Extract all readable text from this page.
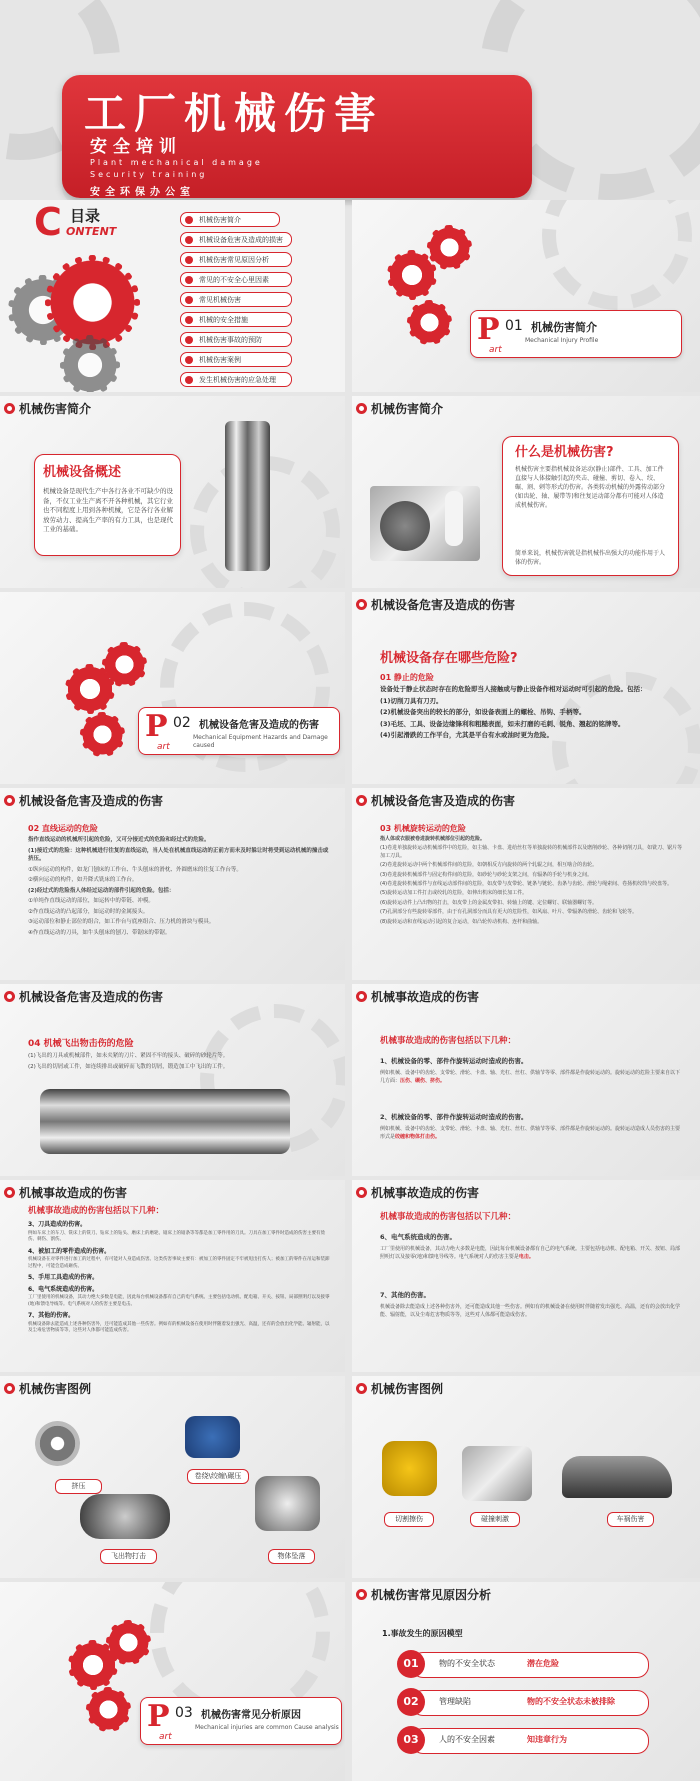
工厂机械伤害
安全培训
Plant mechanical damage
Security training
安全环保办公室
C 目录
ONTENT
机械伤害简介
机械设备危害及造成的损害
机械伤害常见原因分析
常见的不安全心里因素
常见机械伤害
机械的安全措施
机械伤害事故的预防
机械伤害案例
发生机械伤害的应急处理
P
art
01 机械伤害简介
Mechanical Injury Profile
机械伤害简介
机械设备概述
机械设备是现代生产中各行各业不可缺少的设备，不仅工业生产离不开各种机械，其它行业也不同程度上用到各种机械，它是各行各业解放劳动力、提高生产率的有力工具，也是现代工业的基础。
机械伤害简介
什么是机械伤害?
机械伤害主要指机械设备运动(静止)部件、工具、加工件直接与人体接触引起的夹击、碰撞、剪切、卷入、绞、碾、割、刺等形式的伤害。各类转动机械的外露传动部分(如齿轮、轴、履带等)和往复运动部分都有可能对人体造成机械伤害。
简单来说，机械伤害就是指机械作出强大的功能作用于人体的伤害。
P
art
02 机械设备危害及造成的伤害
Mechanical Equipment Hazards and Damage caused
机械设备危害及造成的伤害
机械设备存在哪些危险?
01 静止的危险

设备处于静止状态时存在的危险即当人接触或与静止设备作相对运动时可引起的危险。包括：

(1)切削刀具有刀刃。

(2)机械设备突出的较长的部分，如设备表面上的螺栓、吊钩、手柄等。

(3)毛坯、工具、设备边缘锋利和粗糙表面，如未打磨的毛刺、锐角、翘起的铭牌等。

(4)引起滑跌的工作平台，尤其是平台有水或油时更为危险。

机械设备危害及造成的伤害
02 直线运动的危险

指作直线运动的机械所引起的危险，又可分接近式的危险和经过式的危险。

(1)接近式的危险：这种机械进行往复的直线运动，当人处在机械直线运动的正前方而未及时躲让时将受到运动机械的撞击或挤压。

①纵向运动的构件，如龙门刨床的工作台、牛头刨床的滑枕、外圆磨床的往复工作台等。

②横向运动的构件，如升降式铣床的工作台。

(2)经过式的危险指人体经过运动的部件引起的危险。包括：

①单纯作直线运动的部位，如运转中的带链、冲模。

②作直线运动的凸起部分，如运动时的金属接头。

③运动部位和静止部位的组合，如工作台与底座组合、压力机的滑块与模具。

④作直线运动的刀具，如牛头刨床的刨刀、带锯床的带锯。

机械设备危害及造成的伤害
03 机械旋转运动的危险

指人体或衣服被卷进旋转机械部位引起的危险。

(1)卷进单独旋转运动机械部件中的危险，如主轴、卡盘、进给丝杠等单独旋转的机械部件以及磨削砂轮、各种切削刀具，如铣刀、锯片等加工刀具。

(2)卷进旋转运动中两个机械部件间的危险，如朝相反方向旋转的两个轧辊之间，相互啮合的齿轮。

(3)卷进旋转机械部件与固定构件间的危险，如砂轮与砂轮支架之间，有辐条的手轮与机身之间。

(4)卷进旋转机械部件与直线运动部件间的危险，如皮带与皮带轮、链条与链轮、齿条与齿轮、滑轮与绳索间、卷扬机绞筒与绞盘等。

(5)旋转运动加工件打击或绞轧的危险，如伸出机床的细长加工件。

(6)旋转运动件上凸出物的打击，如皮带上的金属皮带扣、转轴上的键、定位螺钉、联轴器螺钉等。

(7)孔洞部分有些旋转零部件，由于有孔洞部分而具有更大的危险性，如风扇、叶片、带辐条的滑轮、齿轮和飞轮等。

(8)旋转运动和直线运动引起的复合运动，如凸轮传动机构、连杆和曲轴。

机械设备危害及造成的伤害
04 机械飞出物击伤的危险

(1)飞出的刀具或机械部件，如未夹紧的刀片、紧固不牢的接头、破碎的砂轮片等。

(2)飞出的切屑或工件，如连续排出或破碎而飞散的切屑，锻造加工中飞出的工件。

机械事故造成的伤害
机械事故造成的伤害包括以下几种：
1、机械设备的零、部件作旋转运动时造成的伤害。
例如机械、设备中的齿轮、支带轮、滑轮、卡盘、轴、光杠、丝杠、供轴节等零、部件都是作旋转运动的。旋转运动的危险主要来自以下几方面：压伤、碾伤、挤伤。
2、机械设备的零、部件作旋转运动时造成的伤害。
例如机械、设备中的齿轮、支带轮、滑轮、卡盘、轴、光杠、丝杠、供轴节等零、部件都是作旋转运动的。旋转运动造成人员伤害的主要形式是绞缠和物体打击伤。
机械事故造成的伤害
机械事故造成的伤害包括以下几种：

3、刀具造成的伤害。

例如车床上的车刀、铣床上的铣刀、钻床上的钻头、磨床上的磨轮、锯床上的锯条等等都是加工零件用的刀具。刀具在加工零件时造成的伤害主要有烫伤、刺伤、割伤。

4、被加工的零件造成的伤害。

机械设备在对零件进行加工的过程中，有可能对人身造成伤害。这类伤害事故主要有：被加工的零件固定不牢被甩出打伤人；被加工的零件在吊运和装卸过程中，可能会造成砸伤。

5、手用工具造成的伤害。

6、电气系统造成的伤害。

工厂里使用的机械设备，其动力绝大多数是电能，因此每台机械设备都有自己的电气系统。主要包括电动机、配电箱、开关、按钮、局部照明灯以及接零(地)和馈电导线等。电气系统对人的伤害主要是电击。

7、其他的伤害。

机械设备除去能造成上述各种伤害外，还可能造成其他一些伤害。例如有的机械设备在使用时伴随着发出强光、高温，还有的会放出化学能、辐射能，以及尘毒危害物质等等，这些对人体都可能造成伤害。

机械事故造成的伤害
机械事故造成的伤害包括以下几种：
6、电气系统造成的伤害。
工厂里使用的机械设备，其动力绝大多数是电能，因此每台机械设备都有自己的电气系统。主要包括电动机、配电箱、开关、按钮、局部照明灯以及接零(地)和馈电导线等。电气系统对人的伤害主要是电击。
7、其他的伤害。
机械设备除去能造成上述各种伤害外，还可能造成其他一些伤害。例如有的机械设备在使用时伴随着发出强光、高温，还有的会放出化学能、辐射能，以及尘毒危害物质等等，这些对人体都可能造成伤害。
机械伤害图例
挤压
卷绕\绞缠\碾压
飞出物打击	物体坠落
机械伤害图例
切割擦伤	碰撞刺激	车祸伤害
P
art
03 机械伤害常见分析原因
Mechanical injuries are common Cause analysis
机械伤害常见原因分析
1.事故发生的原因模型
01	物的不安全状态	潜在危险
02	管理缺陷	物的不安全状态未被排除
03	人的不安全因素	知违章行为
